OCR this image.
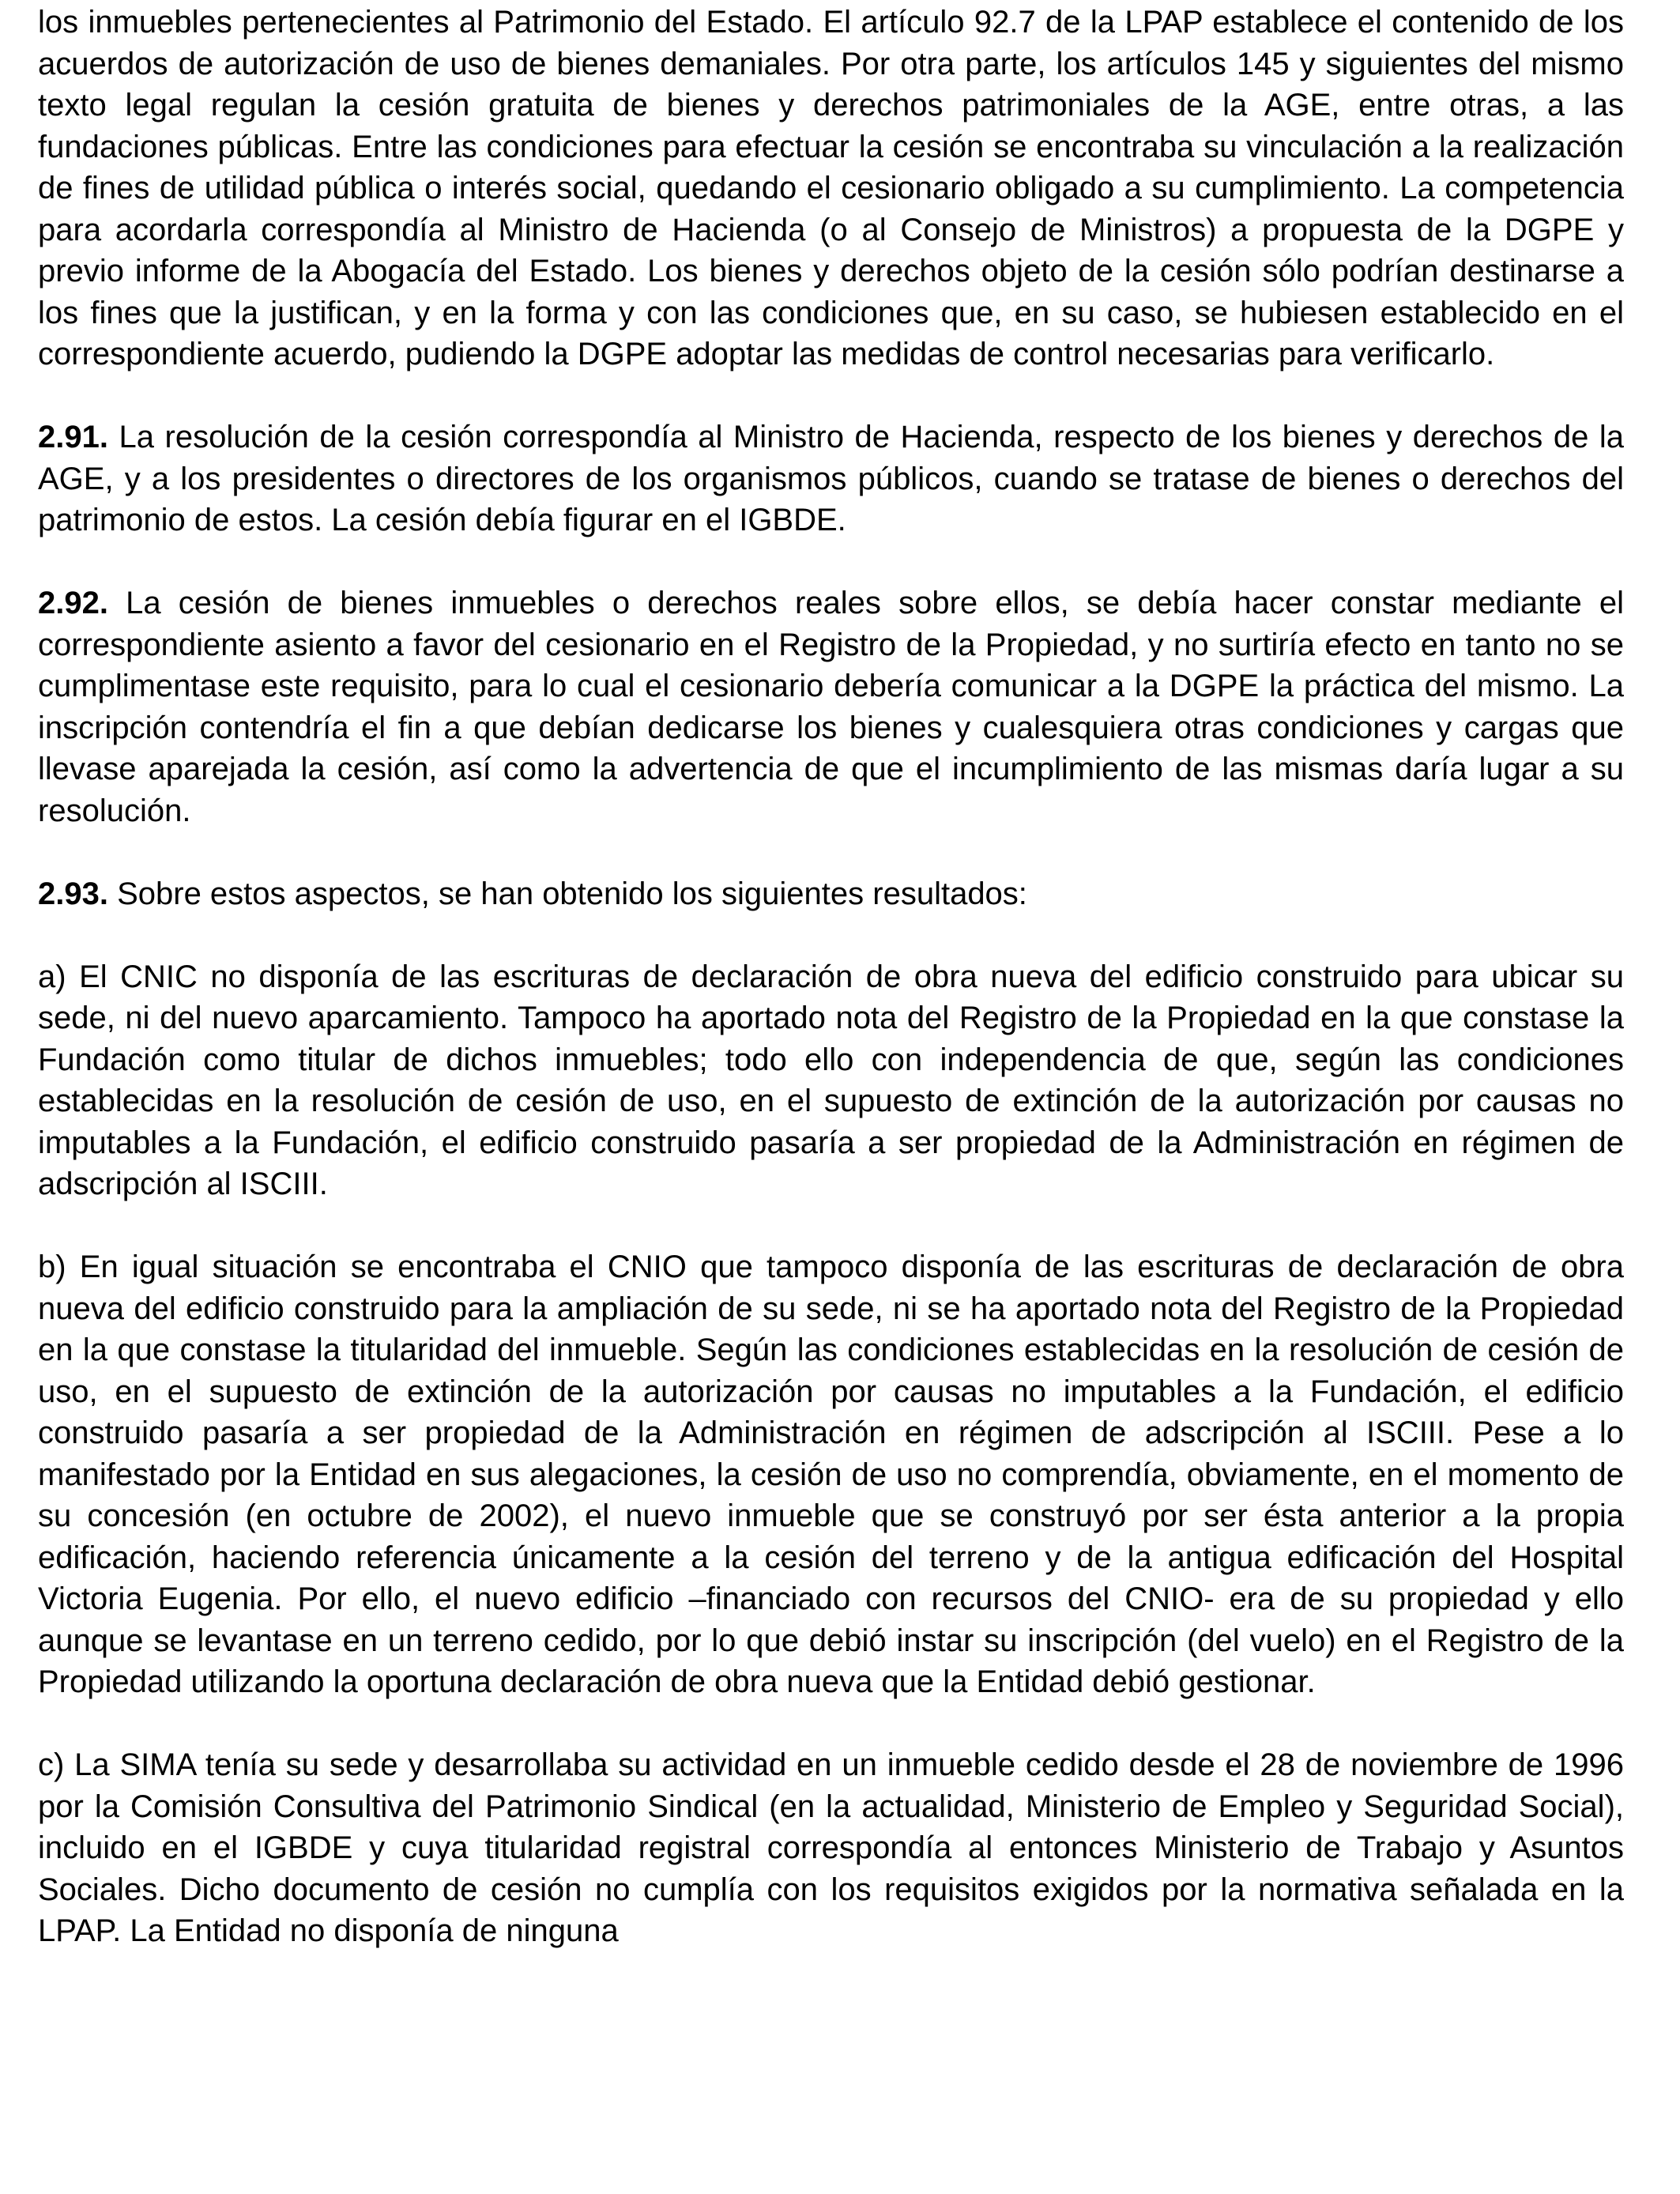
los inmuebles pertenecientes al Patrimonio del Estado. El artículo 92.7 de la LPAP establece el contenido de los acuerdos de autorización de uso de bienes demaniales. Por otra parte, los artículos 145 y siguientes del mismo texto legal regulan la cesión gratuita de bienes y derechos patrimoniales de la AGE, entre otras, a las fundaciones públicas. Entre las condiciones para efectuar la cesión se encontraba su vinculación a la realización de fines de utilidad pública o interés social, quedando el cesionario obligado a su cumplimiento. La competencia para acordarla correspondía al Ministro de Hacienda (o al Consejo de Ministros) a propuesta de la DGPE y previo informe de la Abogacía del Estado. Los bienes y derechos objeto de la cesión sólo podrían destinarse a los fines que la justifican, y en la forma y con las condiciones que, en su caso, se hubiesen establecido en el correspondiente acuerdo, pudiendo la DGPE adoptar las medidas de control necesarias para verificarlo.

2.91. La resolución de la cesión correspondía al Ministro de Hacienda, respecto de los bienes y derechos de la AGE, y a los presidentes o directores de los organismos públicos, cuando se tratase de bienes o derechos del patrimonio de estos. La cesión debía figurar en el IGBDE.

2.92. La cesión de bienes inmuebles o derechos reales sobre ellos, se debía hacer constar mediante el correspondiente asiento a favor del cesionario en el Registro de la Propiedad, y no surtiría efecto en tanto no se cumplimentase este requisito, para lo cual el cesionario debería comunicar a la DGPE la práctica del mismo. La inscripción contendría el fin a que debían dedicarse los bienes y cualesquiera otras condiciones y cargas que llevase aparejada la cesión, así como la advertencia de que el incumplimiento de las mismas daría lugar a su resolución.

2.93. Sobre estos aspectos, se han obtenido los siguientes resultados:

a) El CNIC no disponía de las escrituras de declaración de obra nueva del edificio construido para ubicar su sede, ni del nuevo aparcamiento. Tampoco ha aportado nota del Registro de la Propiedad en la que constase la Fundación como titular de dichos inmuebles; todo ello con independencia de que, según las condiciones establecidas en la resolución de cesión de uso, en el supuesto de extinción de la autorización por causas no imputables a la Fundación, el edificio construido pasaría a ser propiedad de la Administración en régimen de adscripción al ISCIII.

b) En igual situación se encontraba el CNIO que tampoco disponía de las escrituras de declaración de obra nueva del edificio construido para la ampliación de su sede, ni se ha aportado nota del Registro de la Propiedad en la que constase la titularidad del inmueble. Según las condiciones establecidas en la resolución de cesión de uso, en el supuesto de extinción de la autorización por causas no imputables a la Fundación, el edificio construido pasaría a ser propiedad de la Administración en régimen de adscripción al ISCIII. Pese a lo manifestado por la Entidad en sus alegaciones, la cesión de uso no comprendía, obviamente, en el momento de su concesión (en octubre de 2002), el nuevo inmueble que se construyó por ser ésta anterior a la propia edificación, haciendo referencia únicamente a la cesión del terreno y de la antigua edificación del Hospital Victoria Eugenia. Por ello, el nuevo edificio –financiado con recursos del CNIO- era de su propiedad y ello aunque se levantase en un terreno cedido, por lo que debió instar su inscripción (del vuelo) en el Registro de la Propiedad utilizando la oportuna declaración de obra nueva que la Entidad debió gestionar.

c) La SIMA tenía su sede y desarrollaba su actividad en un inmueble cedido desde el 28 de noviembre de 1996 por la Comisión Consultiva del Patrimonio Sindical (en la actualidad, Ministerio de Empleo y Seguridad Social), incluido en el IGBDE y cuya titularidad registral correspondía al entonces Ministerio de Trabajo y Asuntos Sociales. Dicho documento de cesión no cumplía con los requisitos exigidos por la normativa señalada en la LPAP. La Entidad no disponía de ninguna
